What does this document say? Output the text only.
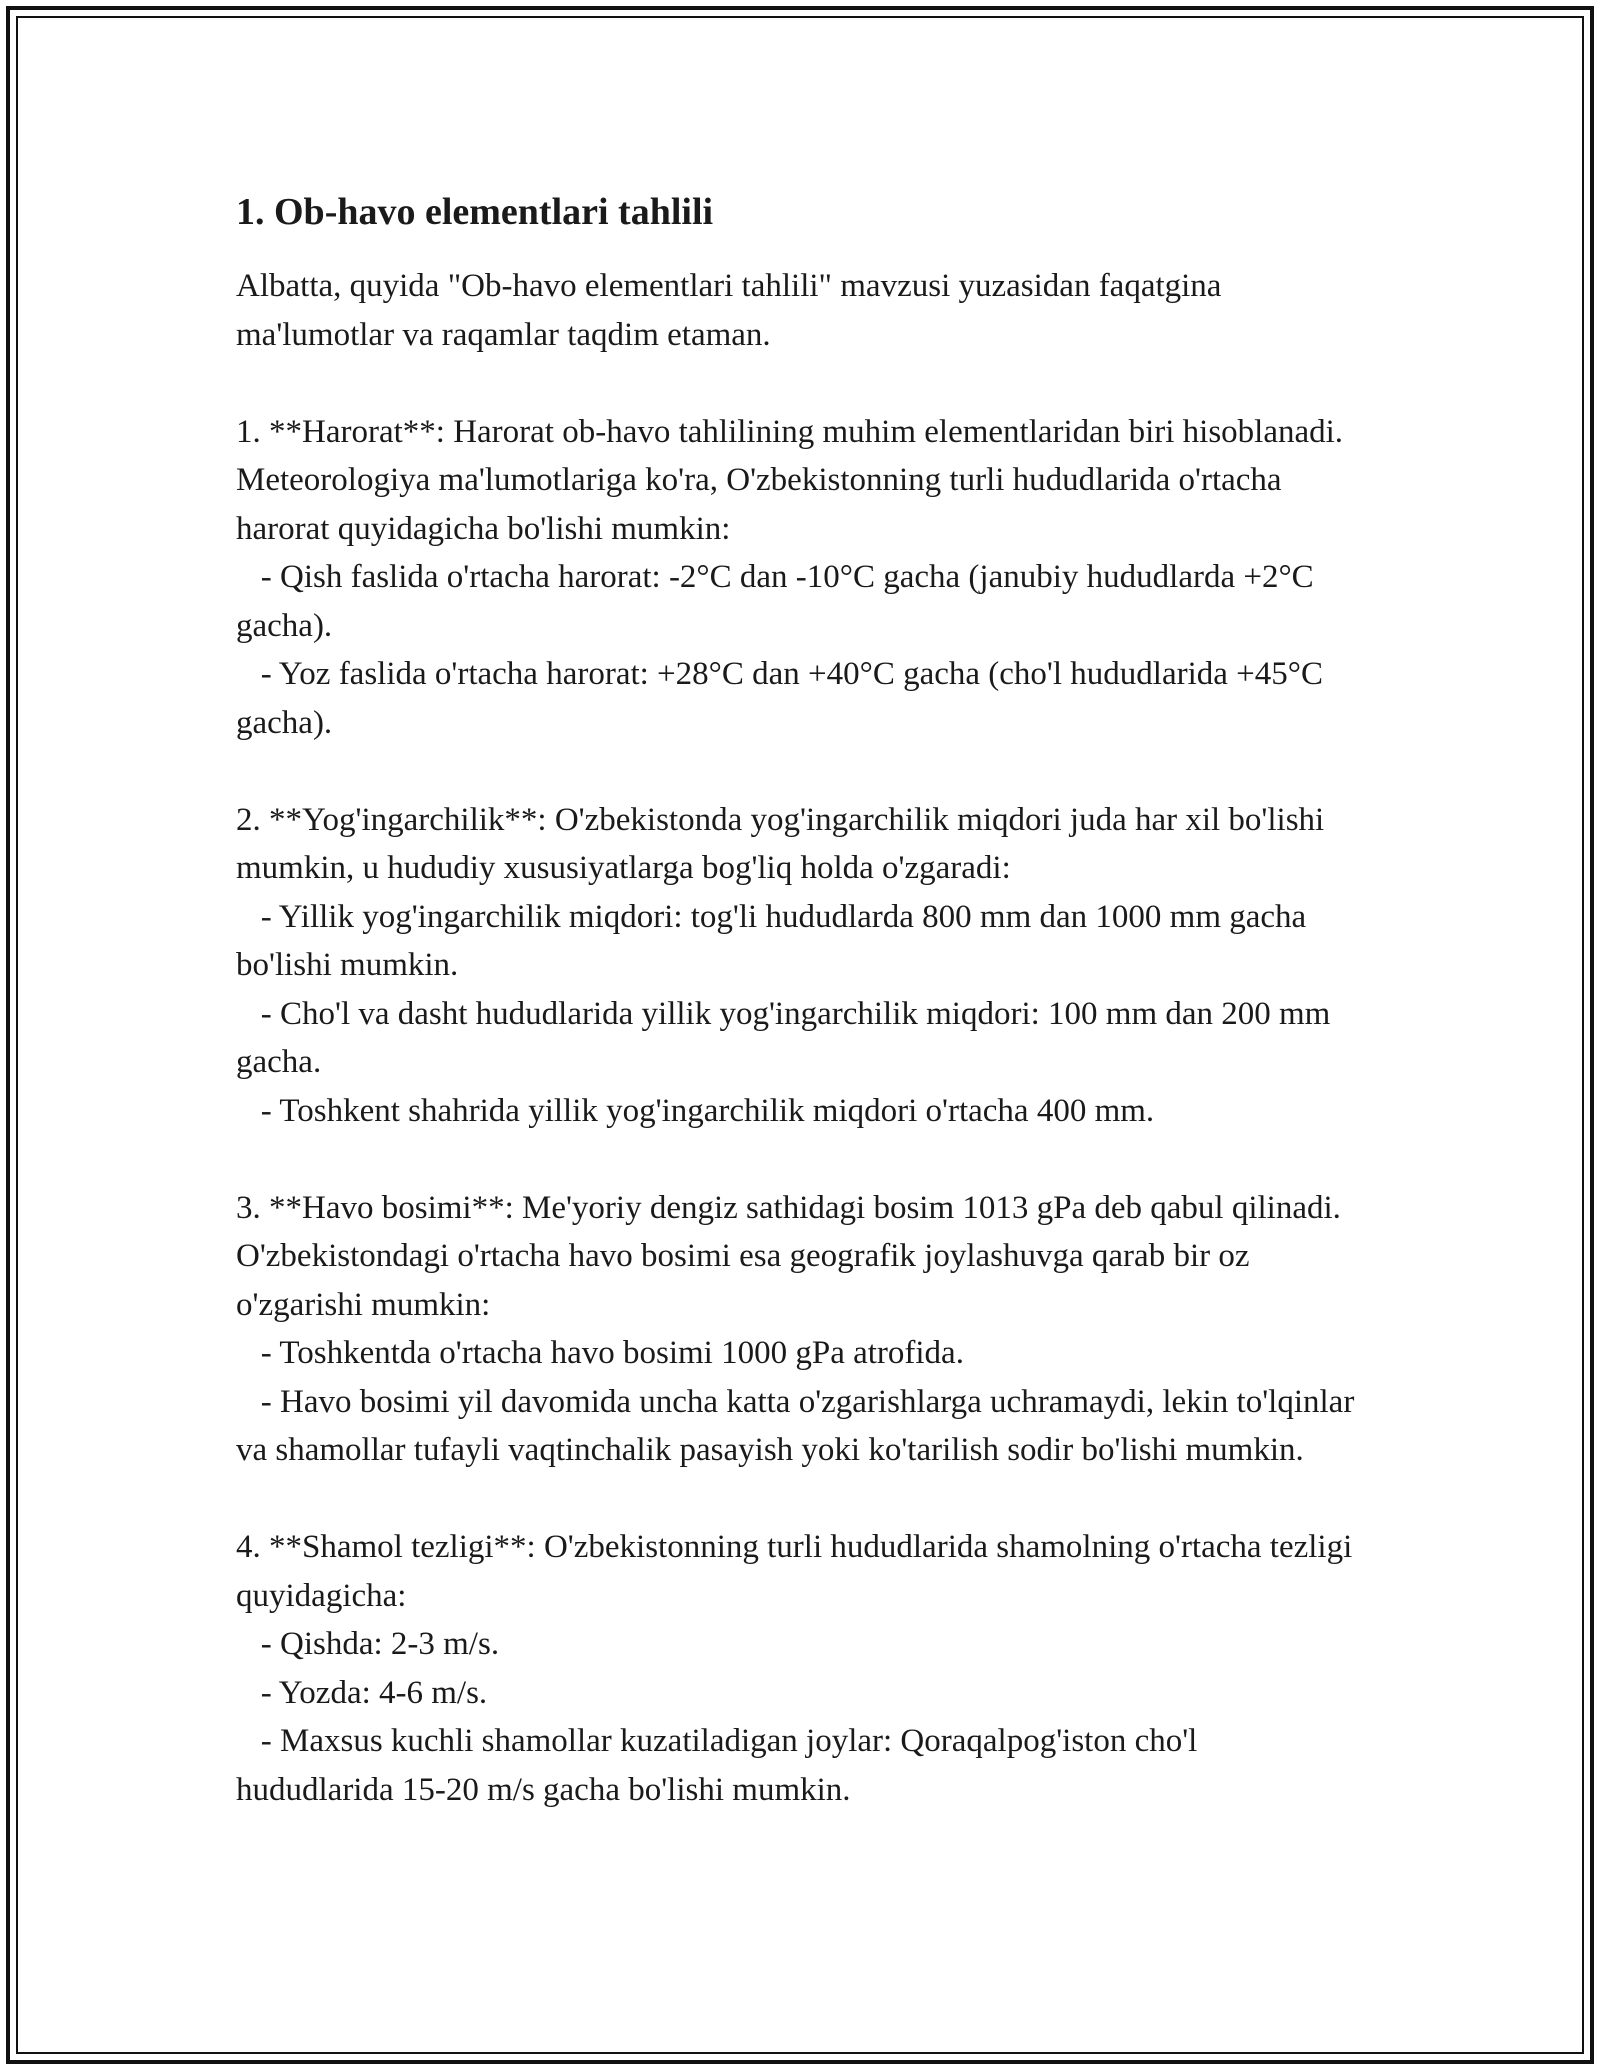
1. Ob-havo elementlari tahlili

Albatta, quyida "Ob-havo elementlari tahlili" mavzusi yuzasidan faqatgina ma'lumotlar va raqamlar taqdim etaman.

1. **Harorat**: Harorat ob-havo tahlilining muhim elementlaridan biri hisoblanadi. Meteorologiya ma'lumotlariga ko'ra, O'zbekistonning turli hududlarida o'rtacha harorat quyidagicha bo'lishi mumkin:

- Qish faslida o'rtacha harorat: -2°C dan -10°C gacha (janubiy hududlarda +2°C gacha).

- Yoz faslida o'rtacha harorat: +28°C dan +40°C gacha (cho'l hududlarida +45°C gacha).

2. **Yog'ingarchilik**: O'zbekistonda yog'ingarchilik miqdori juda har xil bo'lishi mumkin, u hududiy xususiyatlarga bog'liq holda o'zgaradi:

- Yillik yog'ingarchilik miqdori: tog'li hududlarda 800 mm dan 1000 mm gacha bo'lishi mumkin.

- Cho'l va dasht hududlarida yillik yog'ingarchilik miqdori: 100 mm dan 200 mm gacha.

- Toshkent shahrida yillik yog'ingarchilik miqdori o'rtacha 400 mm.

3. **Havo bosimi**: Me'yoriy dengiz sathidagi bosim 1013 gPa deb qabul qilinadi. O'zbekistondagi o'rtacha havo bosimi esa geografik joylashuvga qarab bir oz o'zgarishi mumkin:

- Toshkentda o'rtacha havo bosimi 1000 gPa atrofida.

- Havo bosimi yil davomida uncha katta o'zgarishlarga uchramaydi, lekin to'lqinlar va shamollar tufayli vaqtinchalik pasayish yoki ko'tarilish sodir bo'lishi mumkin.

4. **Shamol tezligi**: O'zbekistonning turli hududlarida shamolning o'rtacha tezligi quyidagicha:

- Qishda: 2-3 m/s.

- Yozda: 4-6 m/s.

- Maxsus kuchli shamollar kuzatiladigan joylar: Qoraqalpog'iston cho'l hududlarida 15-20 m/s gacha bo'lishi mumkin.
